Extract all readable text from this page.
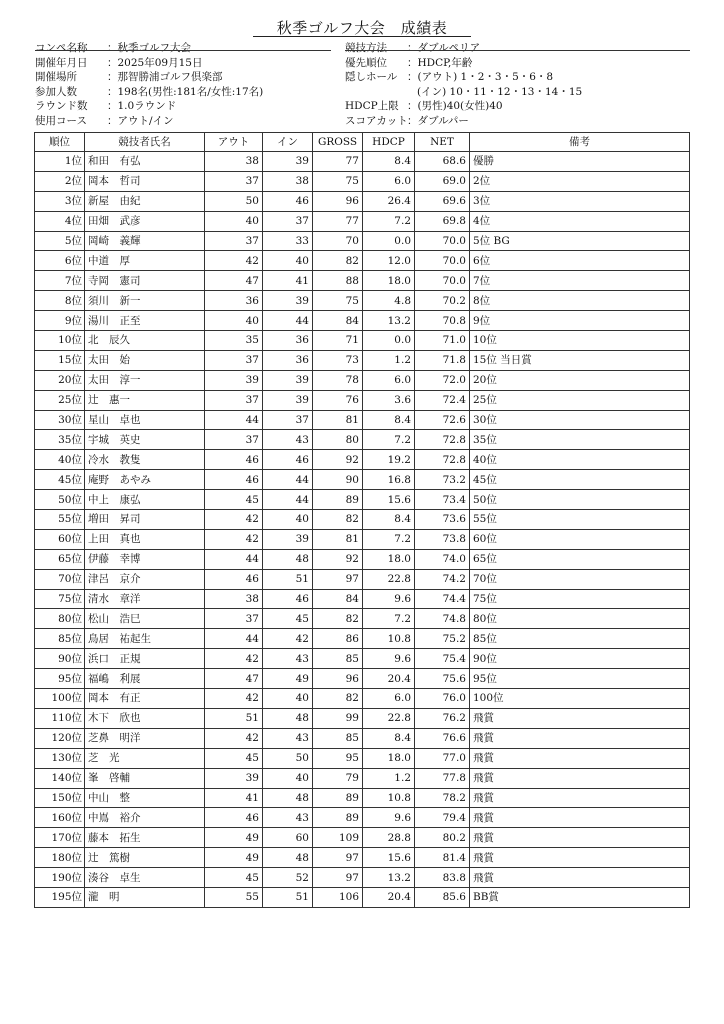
秋季ゴルフ大会　成績表
コンペ名称	：秋季ゴルフ大会
開催年月日	：2025年09月15日
開催場所	：那智勝浦ゴルフ倶楽部
参加人数	：198名(男性:181名/女性:17名)
ラウンド数	：1.0ラウンド
使用コース	：アウト/イン
競技方法	：ダブルペリア
優先順位	：HDCP,年齢
隠しホール ：(アウト) 1・2・3・5・6・8
(イン) 10・11・12・13・14・15
HDCP上限 ：(男性)40(女性)40
スコアカット ：ダブルパー
順位	競技者氏名	アウト	イン	GROSS	HDCP	NET	備考
1位	和田　有弘	38	39	77	8.4	68.6	優勝
2位	岡本　哲司	37	38	75	6.0	69.0	2位
3位	新屋　由紀	50	46	96	26.4	69.6	3位
4位	田畑　武彦	40	37	77	7.2	69.8	4位
5位	岡崎　義輝	37	33	70	0.0	70.0	5位 BG
6位	中道　厚	42	40	82	12.0	70.0	6位
7位	寺岡　憲司	47	41	88	18.0	70.0	7位
8位	須川　新一	36	39	75	4.8	70.2	8位
9位	湯川　正至	40	44	84	13.2	70.8	9位
10位	北　辰久	35	36	71	0.0	71.0	10位
15位	太田　始	37	36	73	1.2	71.8	15位 当日賞
20位	太田　淳一	39	39	78	6.0	72.0	20位
25位	辻　惠一	37	39	76	3.6	72.4	25位
30位	星山　卓也	44	37	81	8.4	72.6	30位
35位	宇城　英史	37	43	80	7.2	72.8	35位
40位	冷水　教隻	46	46	92	19.2	72.8	40位
45位	庵野　あやみ	46	44	90	16.8	73.2	45位
50位	中上　康弘	45	44	89	15.6	73.4	50位
55位	増田　昇司	42	40	82	8.4	73.6	55位
60位	上田　真也	42	39	81	7.2	73.8	60位
65位	伊藤　幸博	44	48	92	18.0	74.0	65位
70位	津呂　京介	46	51	97	22.8	74.2	70位
75位	清水　章洋	38	46	84	9.6	74.4	75位
80位	松山　浩巳	37	45	82	7.2	74.8	80位
85位	鳥居　祐起生	44	42	86	10.8	75.2	85位
90位	浜口　正規	42	43	85	9.6	75.4	90位
95位	福嶋　利展	47	49	96	20.4	75.6	95位
100位	岡本　有正	42	40	82	6.0	76.0	100位
110位	木下　欣也	51	48	99	22.8	76.2	飛賞
120位	芝鼻　明洋	42	43	85	8.4	76.6	飛賞
130位	芝　光	45	50	95	18.0	77.0	飛賞
140位	峯　啓輔	39	40	79	1.2	77.8	飛賞
150位	中山　整	41	48	89	10.8	78.2	飛賞
160位	中嶌　裕介	46	43	89	9.6	79.4	飛賞
170位	藤本　拓生	49	60	109	28.8	80.2	飛賞
180位	辻　篤樹	49	48	97	15.6	81.4	飛賞
190位	湊谷　卓生	45	52	97	13.2	83.8	飛賞
195位	瀧　明	55	51	106	20.4	85.6	BB賞
